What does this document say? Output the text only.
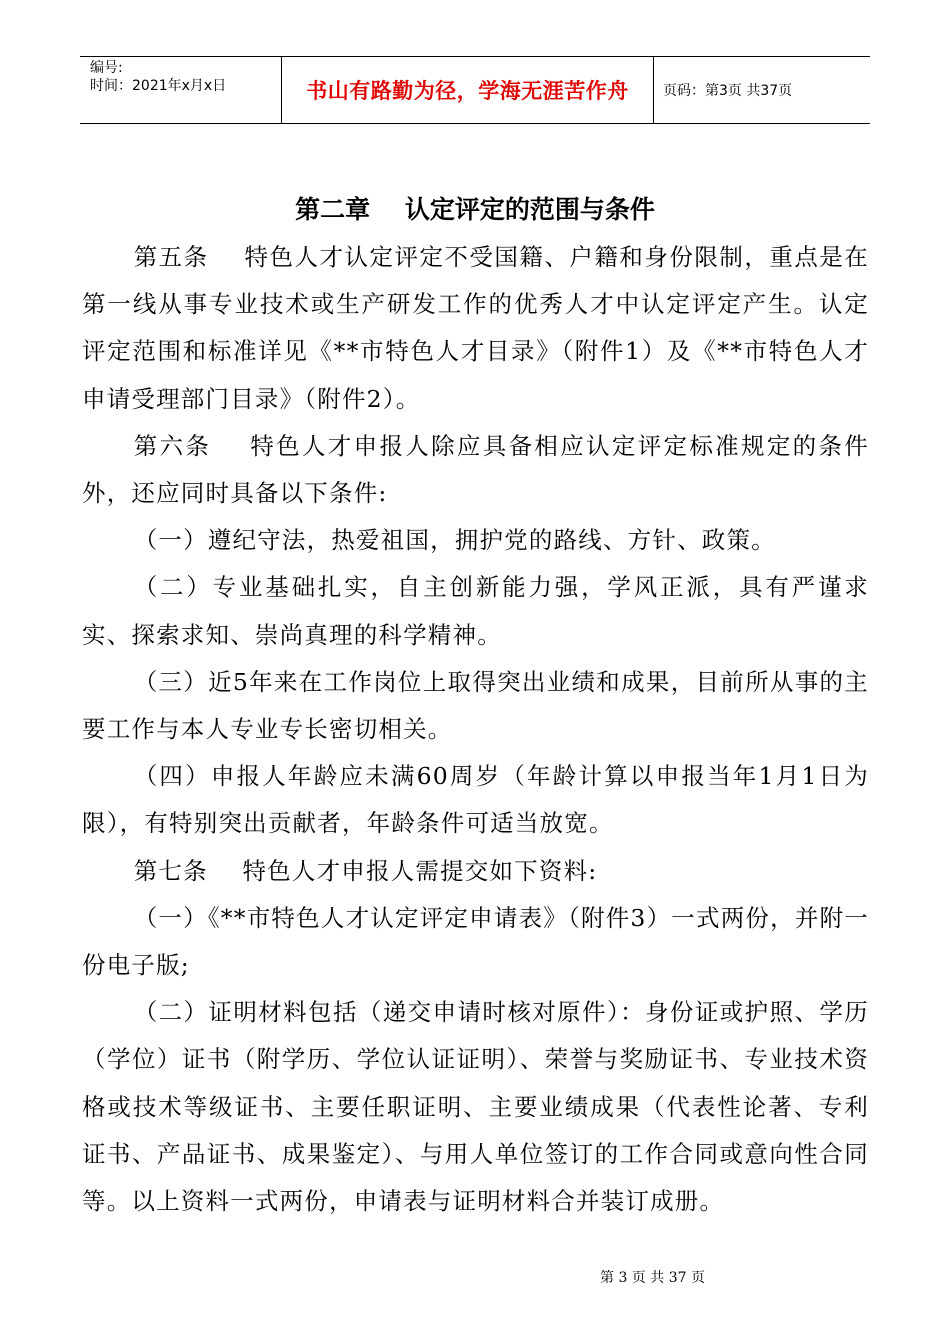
编号:
时间：2021年x月x日	书山有路勤为径，学海无涯苦作舟	页码：第3页 共37页
第二章    认定评定的范围与条件

第五条    特色人才认定评定不受国籍、户籍和身份限制，重点是在第一线从事专业技术或生产研发工作的优秀人才中认定评定产生。认定评定范围和标准详见《**市特色人才目录》（附件1）及《**市特色人才申请受理部门目录》（附件2）。

第六条    特色人才申报人除应具备相应认定评定标准规定的条件外，还应同时具备以下条件:

（一）遵纪守法，热爱祖国，拥护党的路线、方针、政策。

（二）专业基础扎实，自主创新能力强，学风正派，具有严谨求实、探索求知、崇尚真理的科学精神。

（三）近5年来在工作岗位上取得突出业绩和成果，目前所从事的主要工作与本人专业专长密切相关。

（四）申报人年龄应未满60周岁（年龄计算以申报当年1月1日为限），有特别突出贡献者，年龄条件可适当放宽。

第七条    特色人才申报人需提交如下资料:

（一）《**市特色人才认定评定申请表》（附件3）一式两份，并附一份电子版;

（二）证明材料包括（递交申请时核对原件）：身份证或护照、学历（学位）证书（附学历、学位认证证明）、荣誉与奖励证书、专业技术资格或技术等级证书、主要任职证明、主要业绩成果（代表性论著、专利证书、产品证书、成果鉴定）、与用人单位签订的工作合同或意向性合同等。以上资料一式两份，申请表与证明材料合并装订成册。

第 3 页 共 37 页
